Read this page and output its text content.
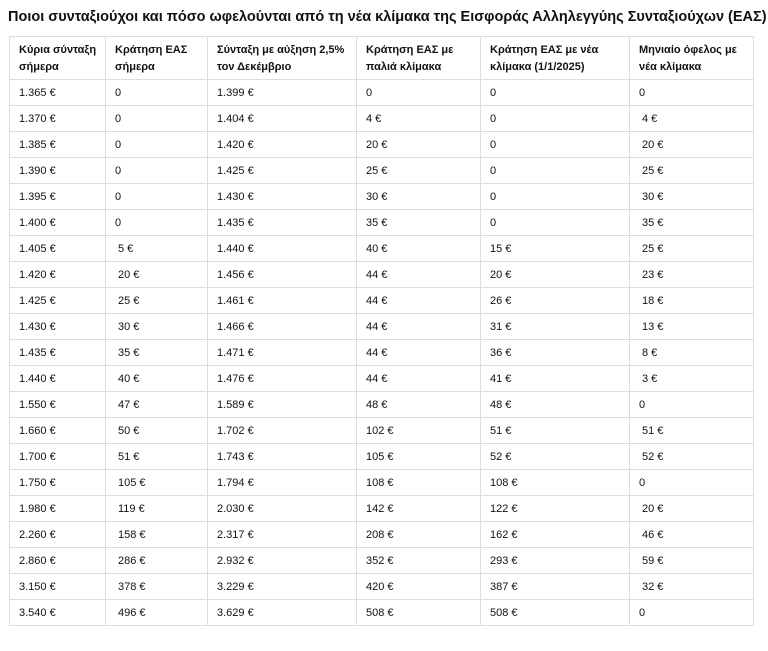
Ποιοι συνταξιούχοι και πόσο ωφελούνται από τη νέα κλίμακα της Εισφοράς Αλληλεγγύης Συνταξιούχων (ΕΑΣ)
Κύρια σύνταξη σήμερα	Κράτηση ΕΑΣ σήμερα	Σύνταξη με αύξηση 2,5% τον Δεκέμβριο	Κράτηση ΕΑΣ με παλιά κλίμακα	Κράτηση ΕΑΣ με νέα κλίμακα (1/1/2025)	Μηνιαίο όφελος με νέα κλίμακα
1.365 €	0	1.399 €	0	0	0
1.370 €	0	1.404 €	4 €	0	4 €
1.385 €	0	1.420 €	20 €	0	20 €
1.390 €	0	1.425 €	25 €	0	25 €
1.395 €	0	1.430 €	30 €	0	30 €
1.400 €	0	1.435 €	35 €	0	35 €
1.405 €	5 €	1.440 €	40 €	15 €	25 €
1.420 €	20 €	1.456 €	44 €	20 €	23 €
1.425 €	25 €	1.461 €	44 €	26 €	18 €
1.430 €	30 €	1.466 €	44 €	31 €	13 €
1.435 €	35 €	1.471 €	44 €	36 €	8 €
1.440 €	40 €	1.476 €	44 €	41 €	3 €
1.550 €	47 €	1.589 €	48 €	48 €	0
1.660 €	50 €	1.702 €	102 €	51 €	51 €
1.700 €	51 €	1.743 €	105 €	52 €	52 €
1.750 €	105 €	1.794 €	108 €	108 €	0
1.980 €	119 €	2.030 €	142 €	122 €	20 €
2.260 €	158 €	2.317 €	208 €	162 €	46 €
2.860 €	286 €	2.932 €	352 €	293 €	59 €
3.150 €	378 €	3.229 €	420 €	387 €	32 €
3.540 €	496 €	3.629 €	508 €	508 €	0
